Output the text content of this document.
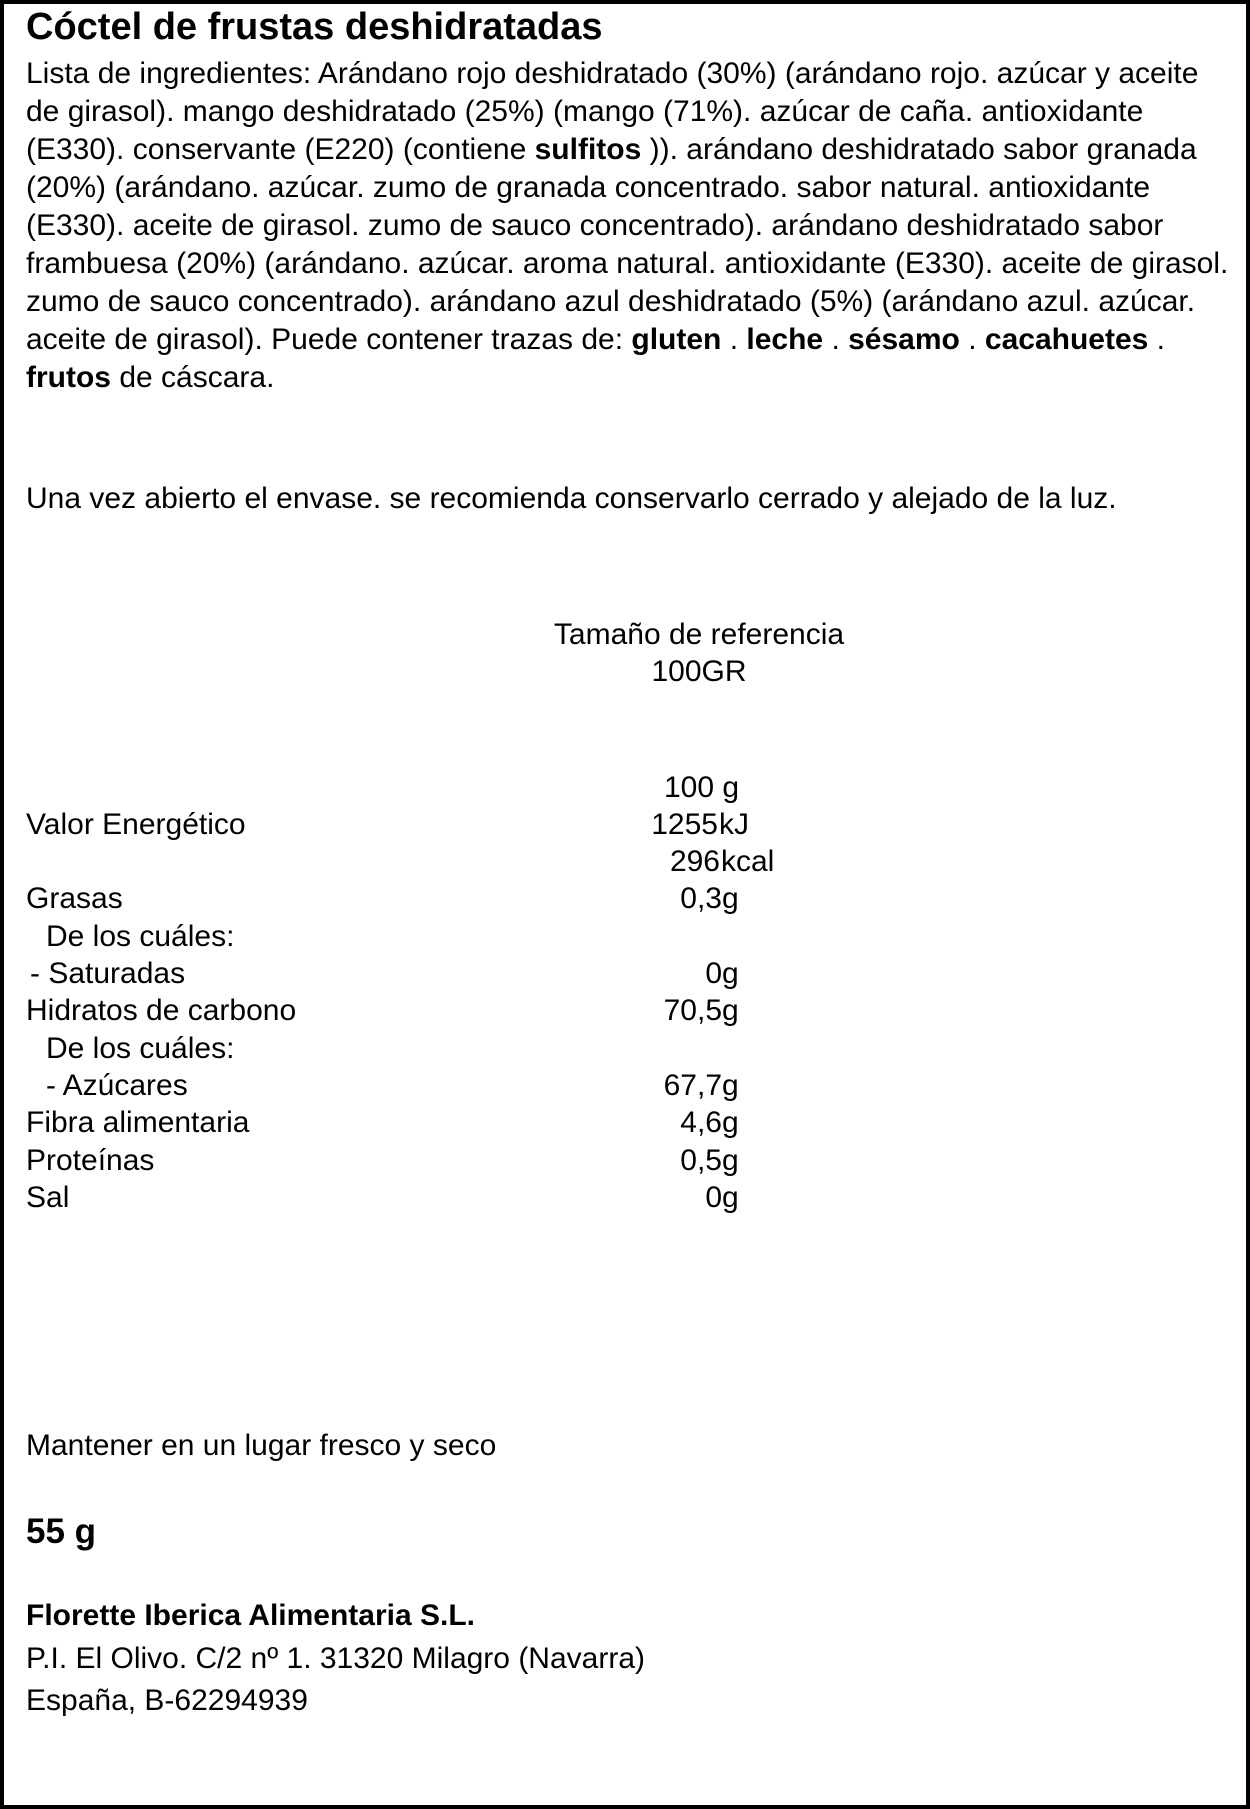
Cóctel de frustas deshidratadas
Lista de ingredientes: Arándano rojo deshidratado (30%) (arándano rojo. azúcar y aceite de girasol). mango deshidratado (25%) (mango (71%). azúcar de caña. antioxidante (E330). conservante (E220) (contiene sulfitos )). arándano deshidratado sabor granada (20%) (arándano. azúcar. zumo de granada concentrado. sabor natural. antioxidante (E330). aceite de girasol. zumo de sauco concentrado). arándano deshidratado sabor frambuesa (20%) (arándano. azúcar. aroma natural. antioxidante (E330). aceite de girasol. zumo de sauco concentrado). arándano azul deshidratado (5%) (arándano azul. azúcar. aceite de girasol). Puede contener trazas de: gluten . leche . sésamo . cacahuetes . frutos de cáscara.
Una vez abierto el envase. se recomienda conservarlo cerrado y alejado de la luz.
Tamaño de referencia
100GR
100 g
Valor Energético	1255 kJ
296 kcal
Grasas	0,3 g
De los cuáles:
- Saturadas	0 g
Hidratos de carbono	70,5 g
De los cuáles:
- Azúcares	67,7 g
Fibra alimentaria	4,6 g
Proteínas	0,5 g
Sal	0 g
Mantener en un lugar fresco y seco
55 g
Florette Iberica Alimentaria S.L.
P.I. El Olivo. C/2 nº 1. 31320 Milagro (Navarra)
España, B-62294939
